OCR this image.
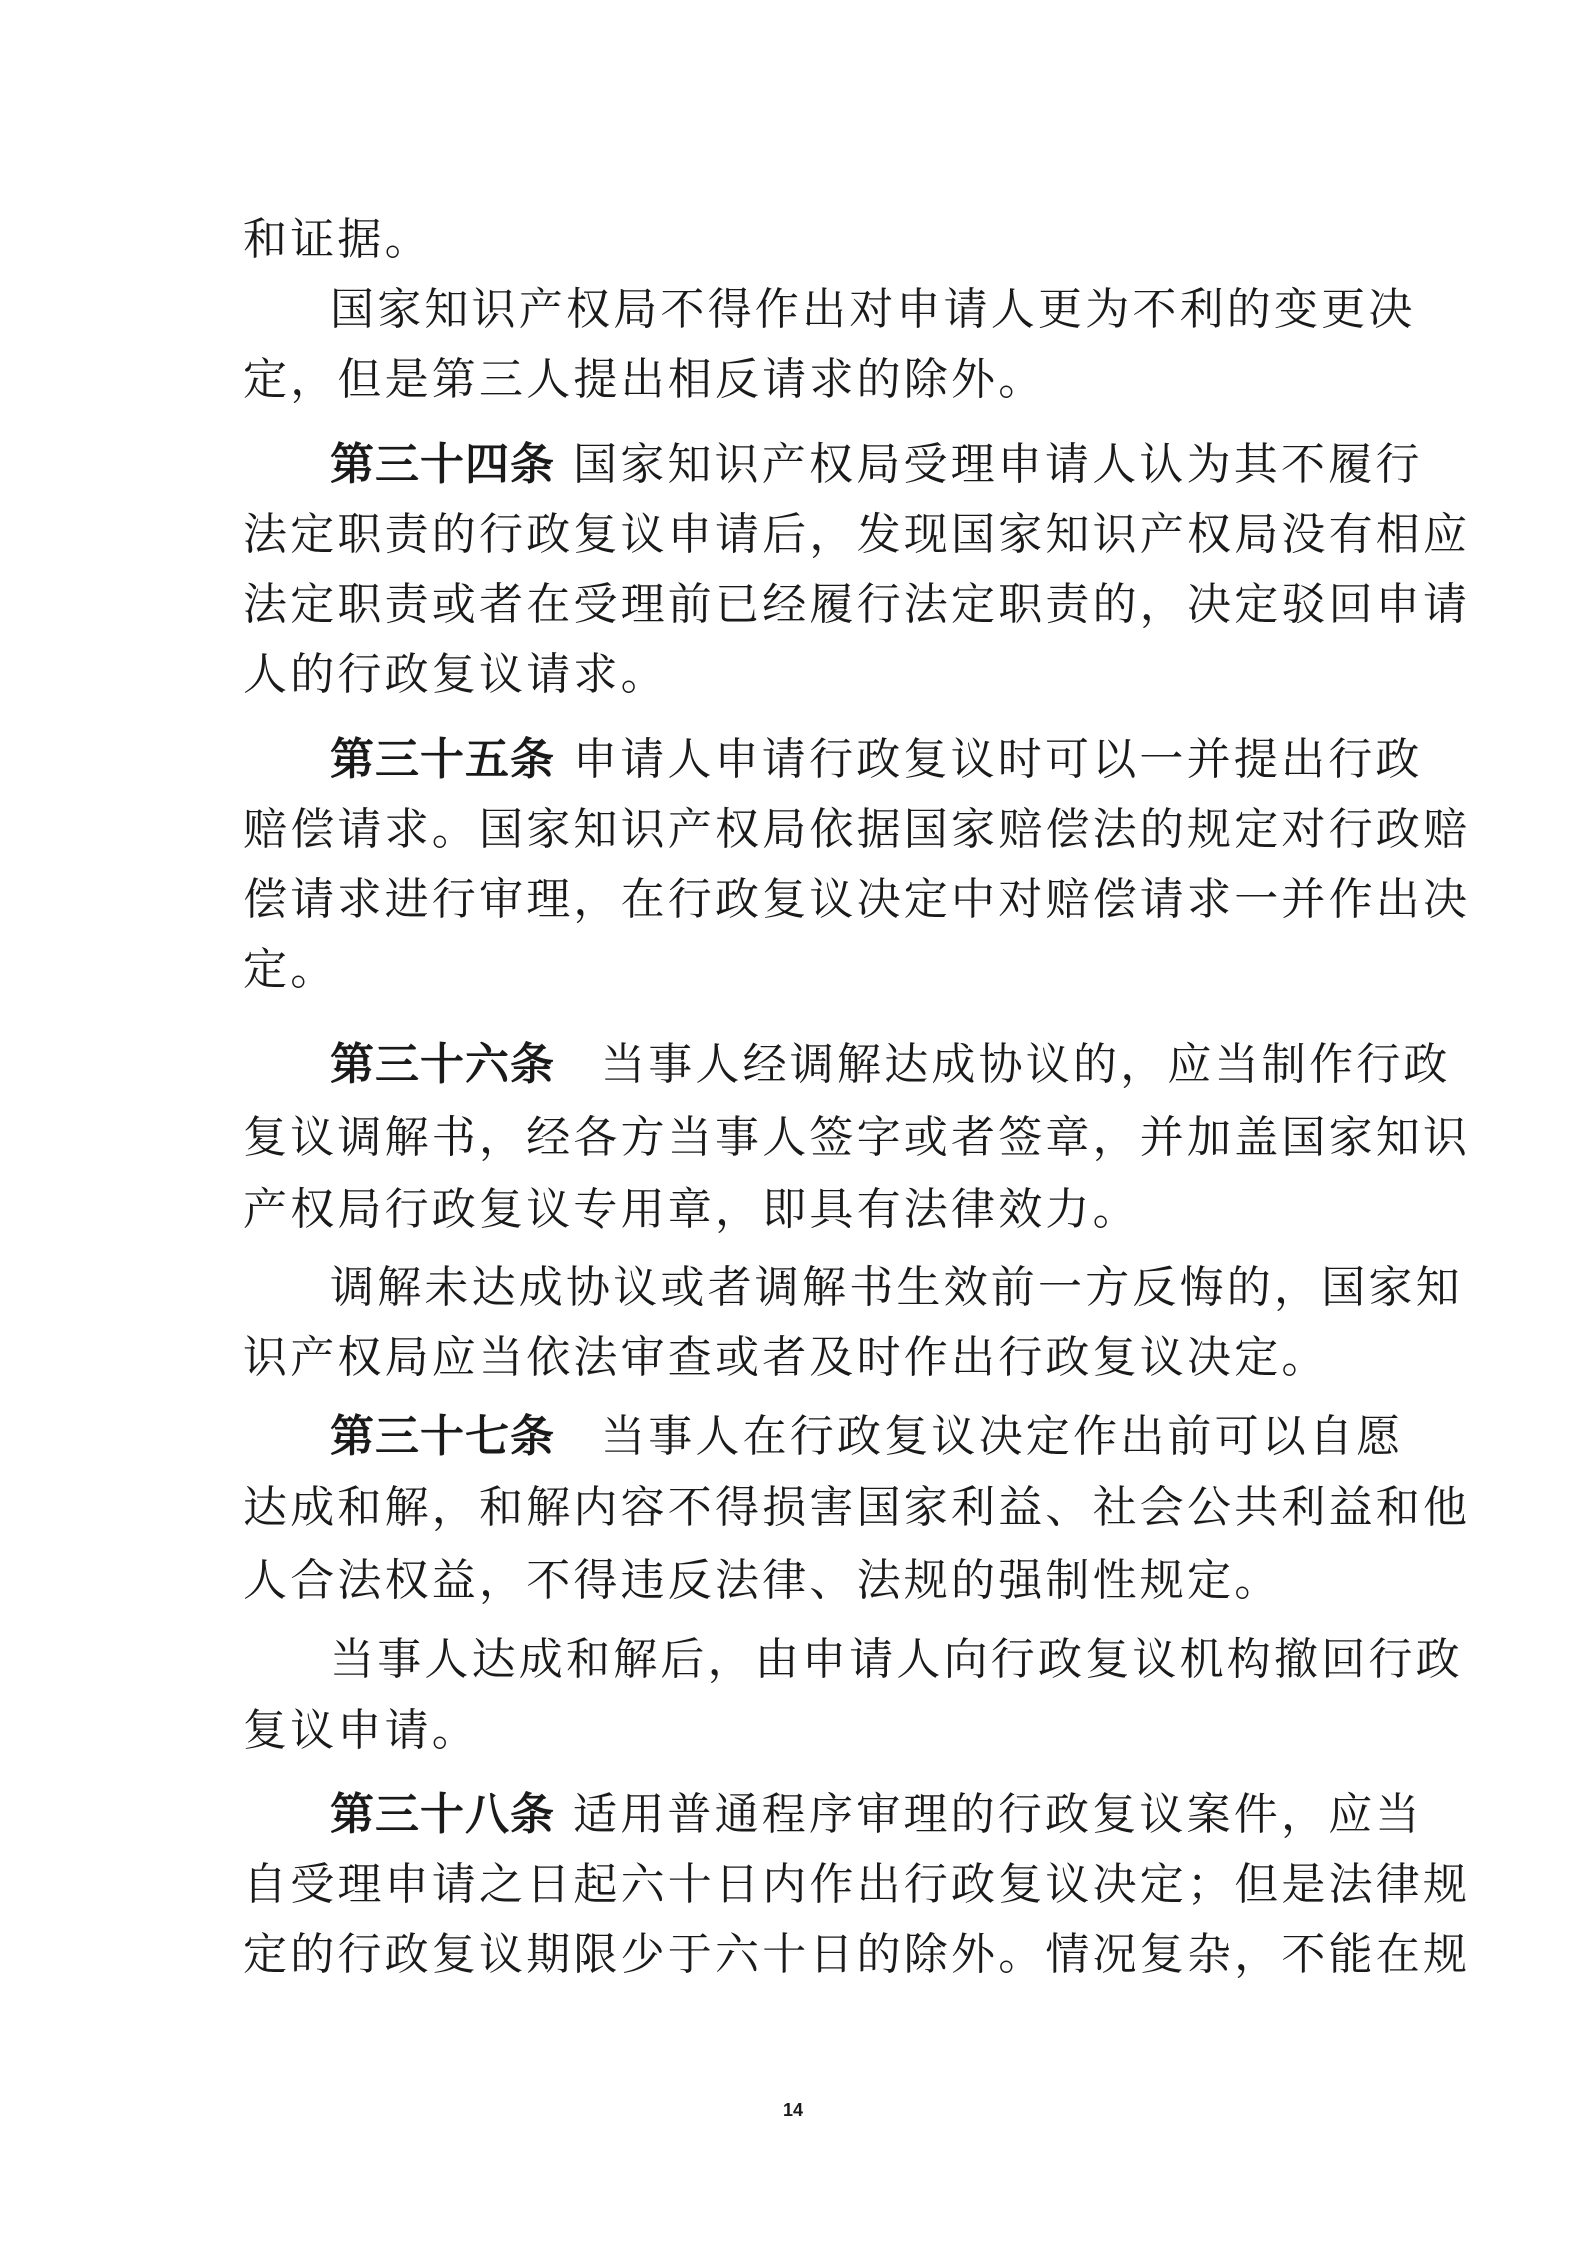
和证据。
国家知识产权局不得作出对申请人更为不利的变更决
定，但是第三人提出相反请求的除外。
第三十四条 国家知识产权局受理申请人认为其不履行
法定职责的行政复议申请后，发现国家知识产权局没有相应
法定职责或者在受理前已经履行法定职责的，决定驳回申请
人的行政复议请求。
第三十五条 申请人申请行政复议时可以一并提出行政
赔偿请求。国家知识产权局依据国家赔偿法的规定对行政赔
偿请求进行审理，在行政复议决定中对赔偿请求一并作出决
定。
第三十六条 当事人经调解达成协议的，应当制作行政
复议调解书，经各方当事人签字或者签章，并加盖国家知识
产权局行政复议专用章，即具有法律效力。
调解未达成协议或者调解书生效前一方反悔的，国家知
识产权局应当依法审查或者及时作出行政复议决定。
第三十七条 当事人在行政复议决定作出前可以自愿
达成和解，和解内容不得损害国家利益、社会公共利益和他
人合法权益，不得违反法律、法规的强制性规定。
当事人达成和解后，由申请人向行政复议机构撤回行政
复议申请。
第三十八条 适用普通程序审理的行政复议案件，应当
自受理申请之日起六十日内作出行政复议决定；但是法律规
定的行政复议期限少于六十日的除外。情况复杂，不能在规
14
